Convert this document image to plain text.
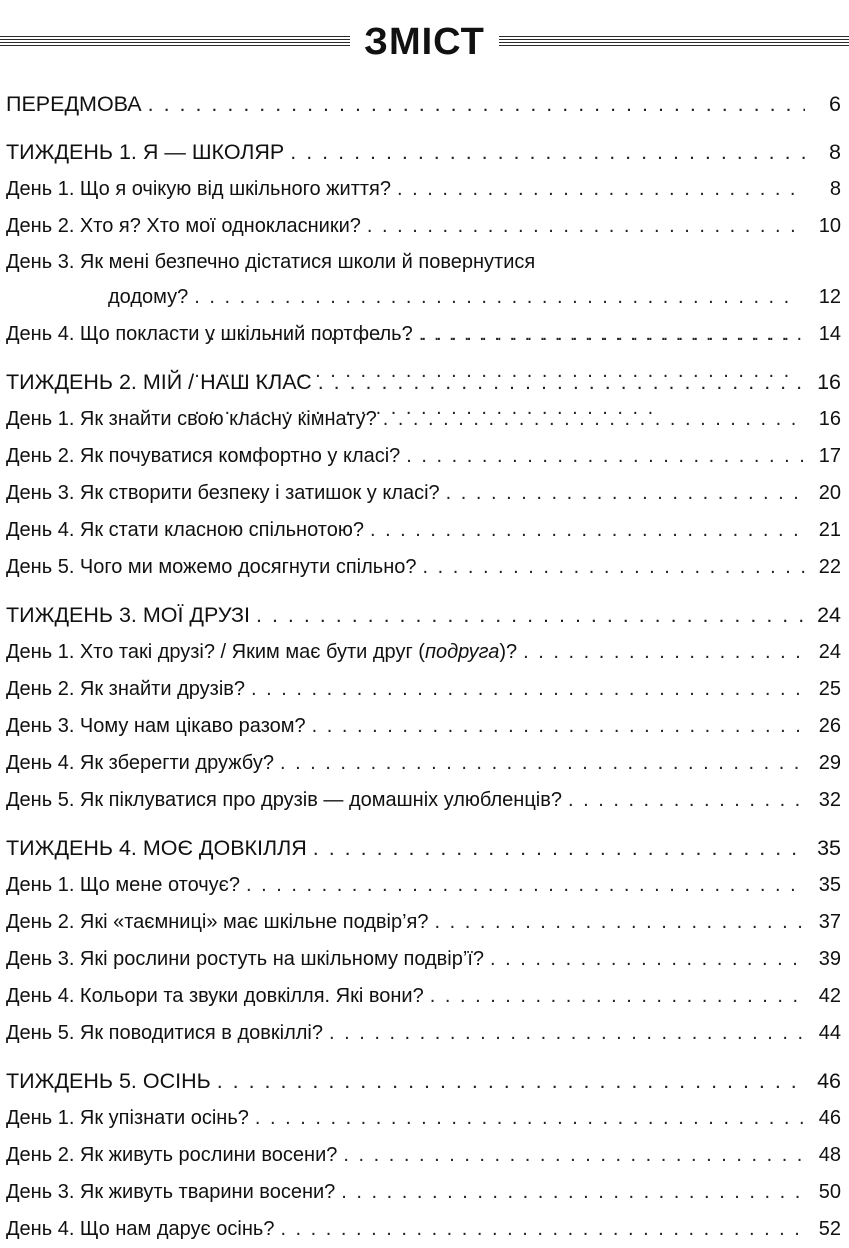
ЗМІСТ
ПЕРЕДМОВА . . .	6
ТИЖДЕНЬ 1. Я — ШКОЛЯР . . .	8
День 1. Що я очікую від шкільного життя? . . .	8
День 2. Хто я? Хто мої однокласники? . . .	10
День 3. Як мені безпечно дістатися школи й повернутися
додому? . . .	12
День 4. Що покласти у шкільний портфель? . . .	14
ТИЖДЕНЬ 2. МІЙ / НАШ КЛАС . . .	16
День 1. Як знайти свою класну кімнату? . . .	16
День 2. Як почуватися комфортно у класі? . . .	17
День 3. Як створити безпеку і затишок у класі? . . .	20
День 4. Як стати класною спільнотою? . . .	21
День 5. Чого ми можемо досягнути спільно? . . .	22
ТИЖДЕНЬ 3. МОЇ ДРУЗІ . . .	24
День 1. Хто такі друзі? / Яким має бути друг (подруга)? . . .	24
День 2. Як знайти друзів? . . .	25
День 3. Чому нам цікаво разом? . . .	26
День 4. Як зберегти дружбу? . . .	29
День 5. Як піклуватися про друзів — домашніх улюбленців? . . .	32
ТИЖДЕНЬ 4. МОЄ ДОВКІЛЛЯ . . .	35
День 1. Що мене оточує? . . .	35
День 2. Які «таємниці» має шкільне подвір’я? . . .	37
День 3. Які рослини ростуть на шкільному подвір’ї? . . .	39
День 4. Кольори та звуки довкілля. Які вони? . . .	42
День 5. Як поводитися в довкіллі? . . .	44
ТИЖДЕНЬ 5. ОСІНЬ . . .	46
День 1. Як упізнати осінь? . . .	46
День 2. Як живуть рослини восени? . . .	48
День 3. Як живуть тварини восени? . . .	50
День 4. Що нам дарує осінь? . . .	52
